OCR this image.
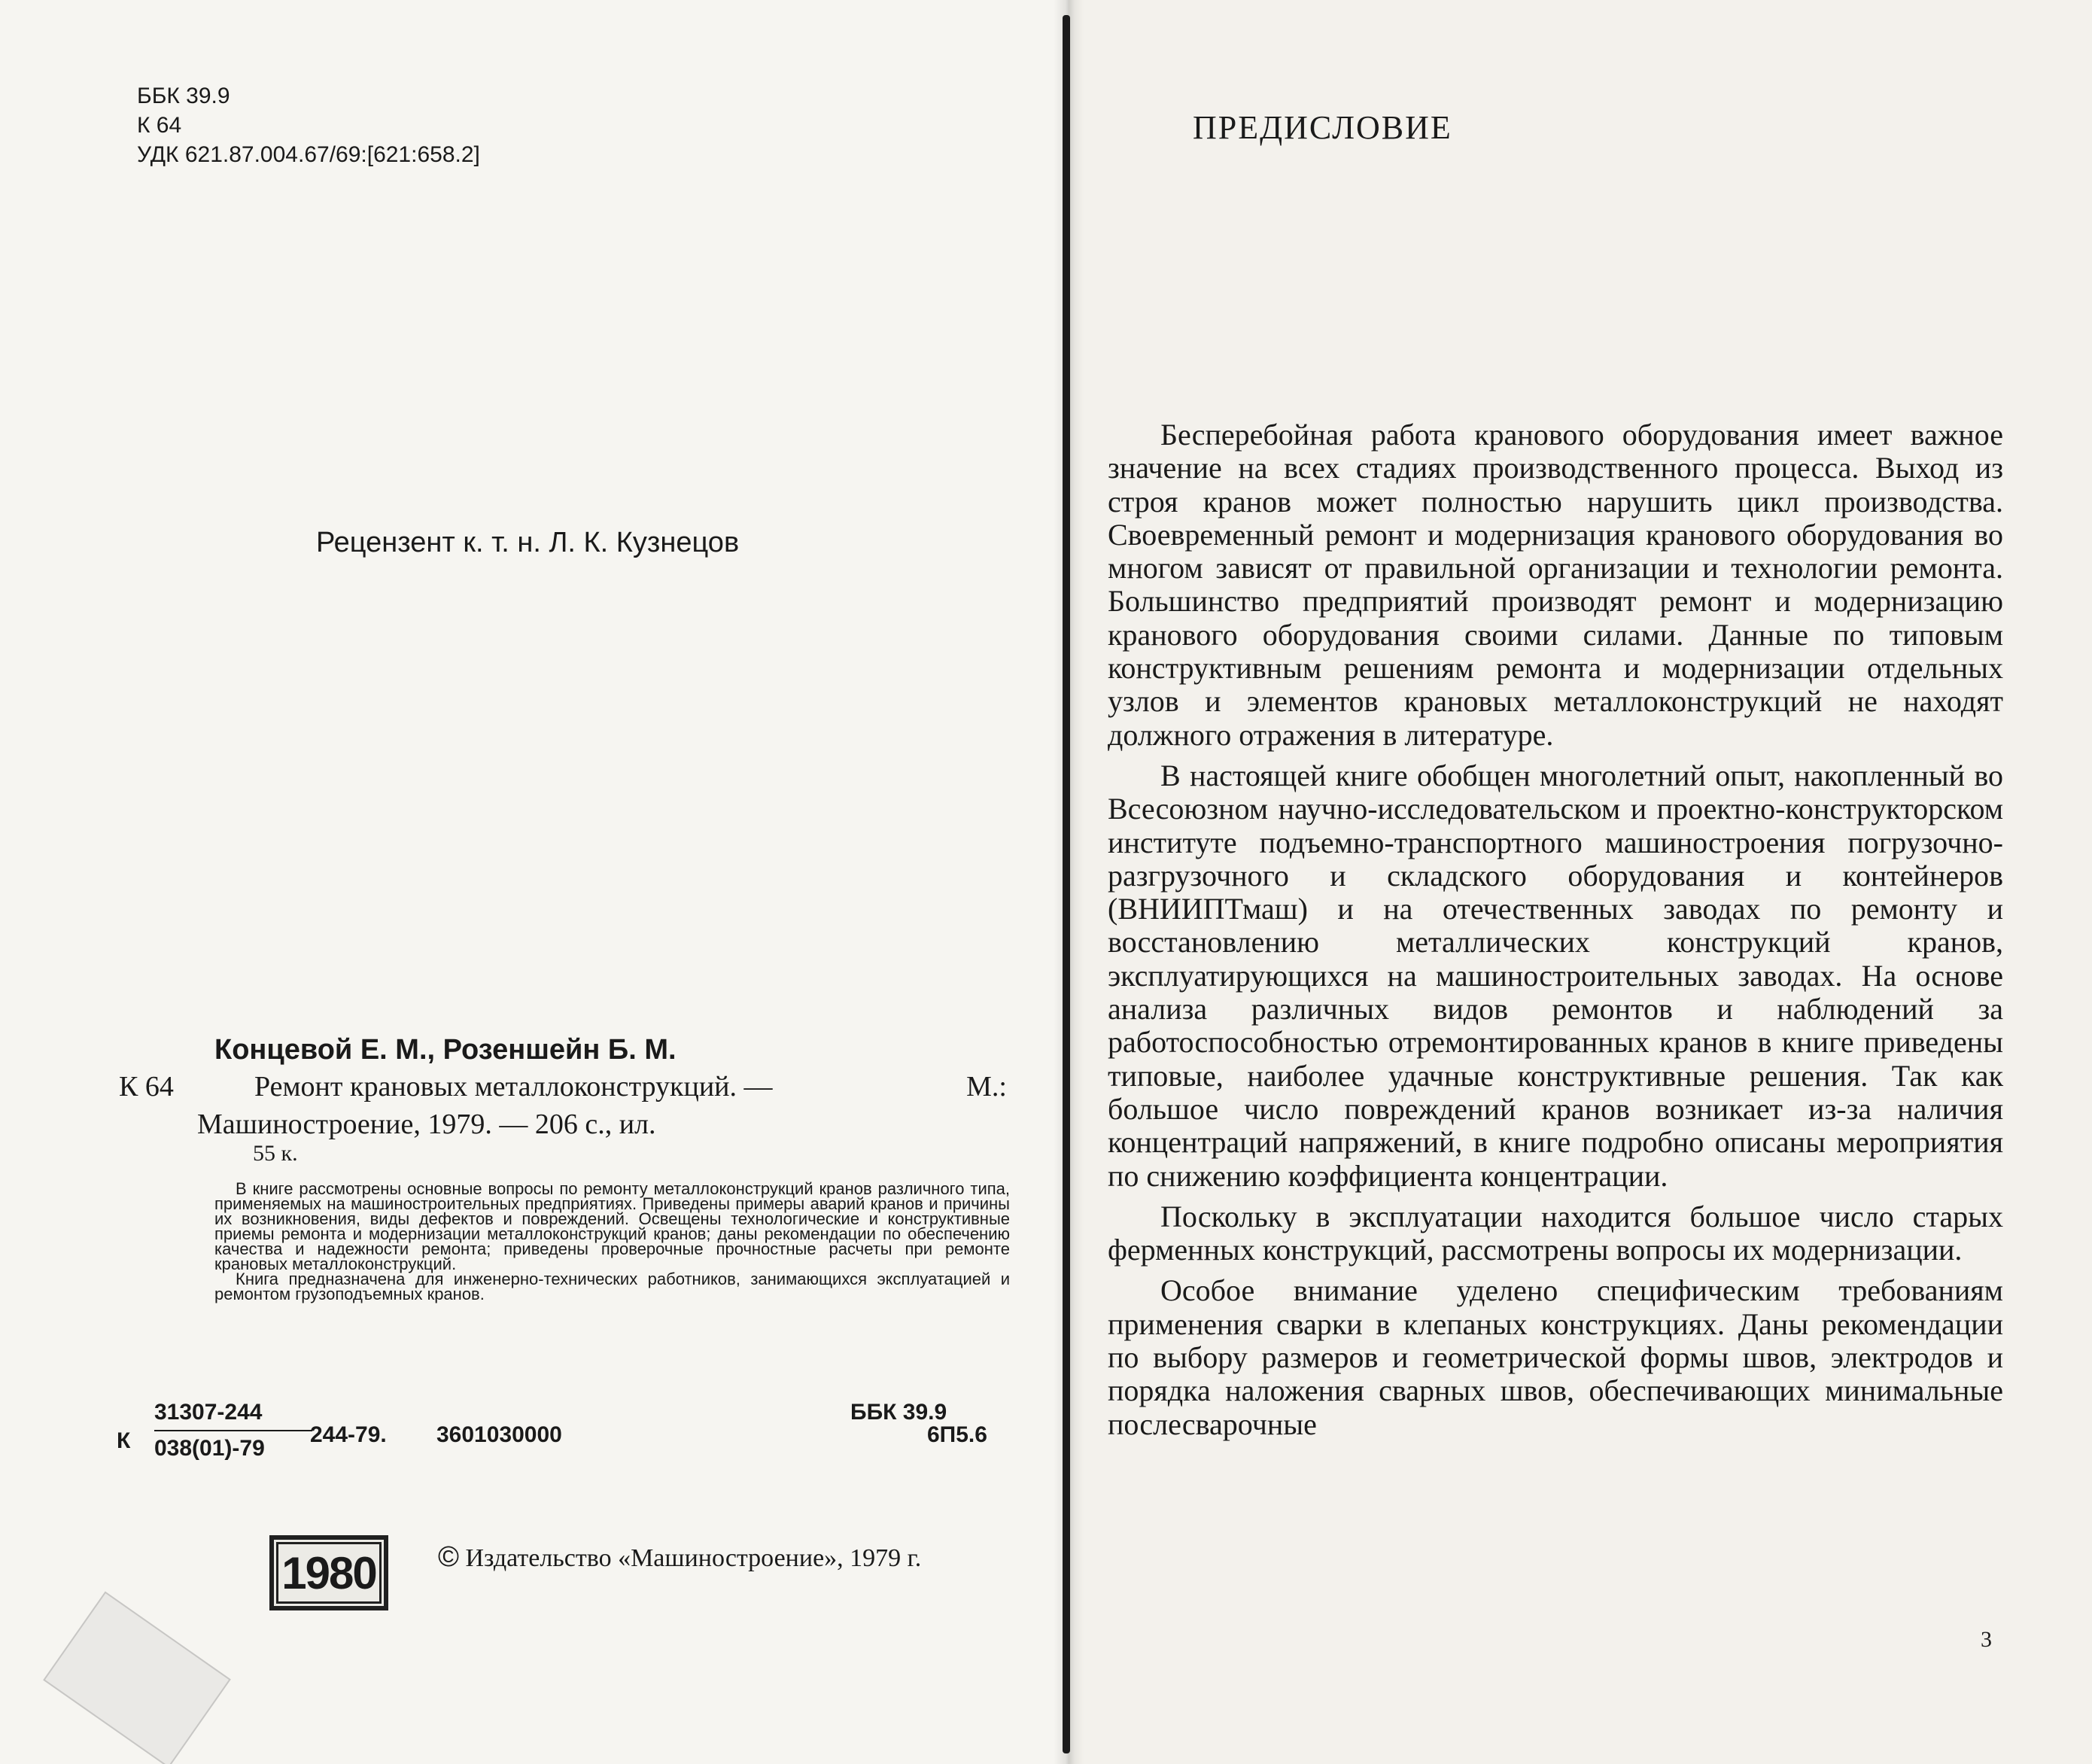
ББК 39.9
К 64
УДК 621.87.004.67/69:[621:658.2]
Рецензент к. т. н. Л. К. Кузнецов
Концевой Е. М., Розеншейн Б. М.
К 64	Ремонт крановых металлоконструкций. —	М.:
Машиностроение, 1979. — 206 с., ил.
55 к.

В книге рассмотрены основные вопросы по ремонту металлоконструкций кранов различного типа, применяемых на машиностроительных предприятиях. Приведены примеры аварий кранов и причины их возникновения, виды дефектов и повреждений. Освещены технологические и конструктивные приемы ремонта и модернизации металлоконструкций кранов; даны рекомендации по обеспечению качества и надежности ремонта; приведены проверочные прочностные расчеты при ремонте крановых металлоконструкций.

Книга предназначена для инженерно-технических работников, занимающихся эксплуатацией и ремонтом грузоподъемных кранов.

31307-244
К 038(01)-79
244-79. 3601030000
ББК 39.9
6П5.6
1980	© Издательство «Машиностроение», 1979 г.
ПРЕДИСЛОВИЕ

Бесперебойная работа кранового оборудования имеет важное значение на всех стадиях производственного процесса. Выход из строя кранов может полностью нарушить цикл производства. Своевременный ремонт и модернизация кранового оборудования во многом зависят от правильной организации и технологии ремонта. Большинство предприятий производят ремонт и модернизацию кранового оборудования своими силами. Данные по типовым конструктивным решениям ремонта и модернизации отдельных узлов и элементов крановых металлоконструкций не находят должного отражения в литературе.

В настоящей книге обобщен многолетний опыт, накопленный во Всесоюзном научно-исследовательском и проектно-конструкторском институте подъемно-транспортного машиностроения погрузочно-разгрузочного и складского оборудования и контейнеров (ВНИИПТмаш) и на отечественных заводах по ремонту и восстановлению металлических конструкций кранов, эксплуатирующихся на машиностроительных заводах. На основе анализа различных видов ремонтов и наблюдений за работоспособностью отремонтированных кранов в книге приведены типовые, наиболее удачные конструктивные решения. Так как большое число повреждений кранов возникает из-за наличия концентраций напряжений, в книге подробно описаны мероприятия по снижению коэффициента концентрации.

Поскольку в эксплуатации находится большое число старых ферменных конструкций, рассмотрены вопросы их модернизации.

Особое внимание уделено специфическим требованиям применения сварки в клепаных конструкциях. Даны рекомендации по выбору размеров и геометрической формы швов, электродов и порядка наложения сварных швов, обеспечивающих минимальные послесварочные

3
